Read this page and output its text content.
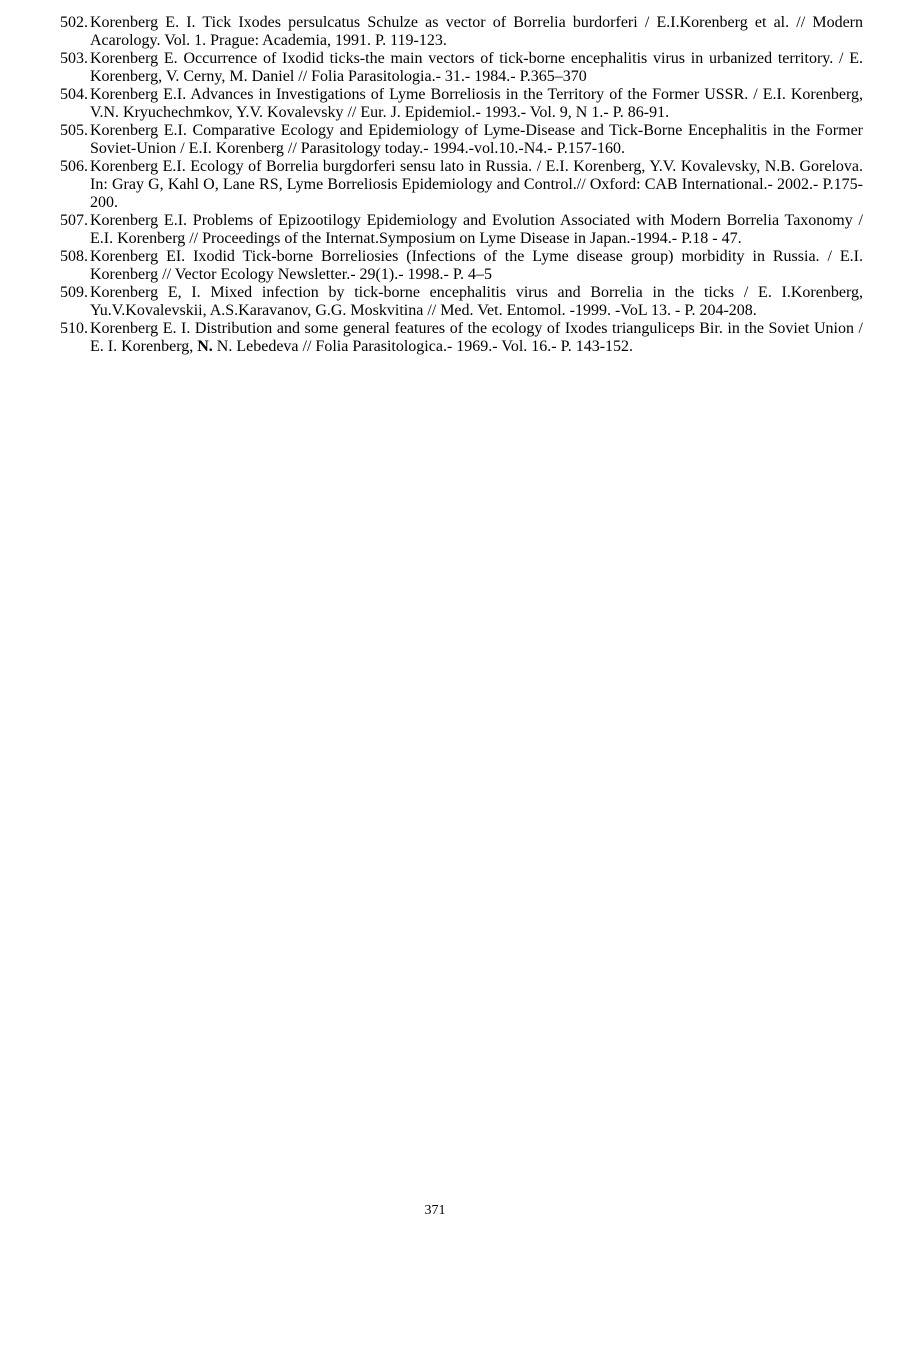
502. Korenberg E. I. Tick Ixodes persulcatus Schulze as vector of Borrelia burdorferi / E.I.Korenberg et al. // Modern Acarology. Vol. 1. Prague: Academia, 1991. P. 119-123.
503. Korenberg E. Occurrence of Ixodid ticks-the main vectors of tick-borne encephalitis virus in urbanized territory. / E. Korenberg, V. Cerny, M. Daniel // Folia Parasitologia.- 31.- 1984.- P.365–370
504. Korenberg E.I. Advances in Investigations of Lyme Borreliosis in the Territory of the Former USSR. / E.I. Korenberg, V.N. Kryuchechmkov, Y.V. Kovalevsky // Eur. J. Epidemiol.- 1993.- Vol. 9, N 1.- P. 86-91.
505. Korenberg E.I. Comparative Ecology and Epidemiology of Lyme-Disease and Tick-Borne Encephalitis in the Former Soviet-Union / E.I. Korenberg // Parasitology today.- 1994.-vol.10.-N4.- P.157-160.
506. Korenberg E.I. Ecology of Borrelia burgdorferi sensu lato in Russia. / E.I. Korenberg, Y.V. Kovalevsky, N.B. Gorelova. In: Gray G, Kahl O, Lane RS, Lyme Borreliosis Epidemiology and Control.// Oxford: CAB International.- 2002.- P.175-200.
507. Korenberg E.I. Problems of Epizootilogy Epidemiology and Evolution Associated with Modern Borrelia Taxonomy / E.I. Korenberg // Proceedings of the Internat.Symposium on Lyme Disease in Japan.-1994.- P.18 - 47.
508. Korenberg EI. Ixodid Tick-borne Borreliosies (Infections of the Lyme disease group) morbidity in Russia. / E.I. Korenberg // Vector Ecology Newsletter.- 29(1).- 1998.- P. 4–5
509. Korenberg E, I. Mixed infection by tick-borne encephalitis virus and Borrelia in the ticks / E. I.Korenberg, Yu.V.Kovalevskii, A.S.Karavanov, G.G. Moskvitina // Med. Vet. Entomol. -1999. -VoL 13. - P. 204-208.
510. Korenberg E. I. Distribution and some general features of the ecology of Ixodes trianguliceps Bir. in the Soviet Union / E. I. Korenberg, N. N. Lebedeva // Folia Parasitologica.- 1969.- Vol. 16.- P. 143-152.
371
